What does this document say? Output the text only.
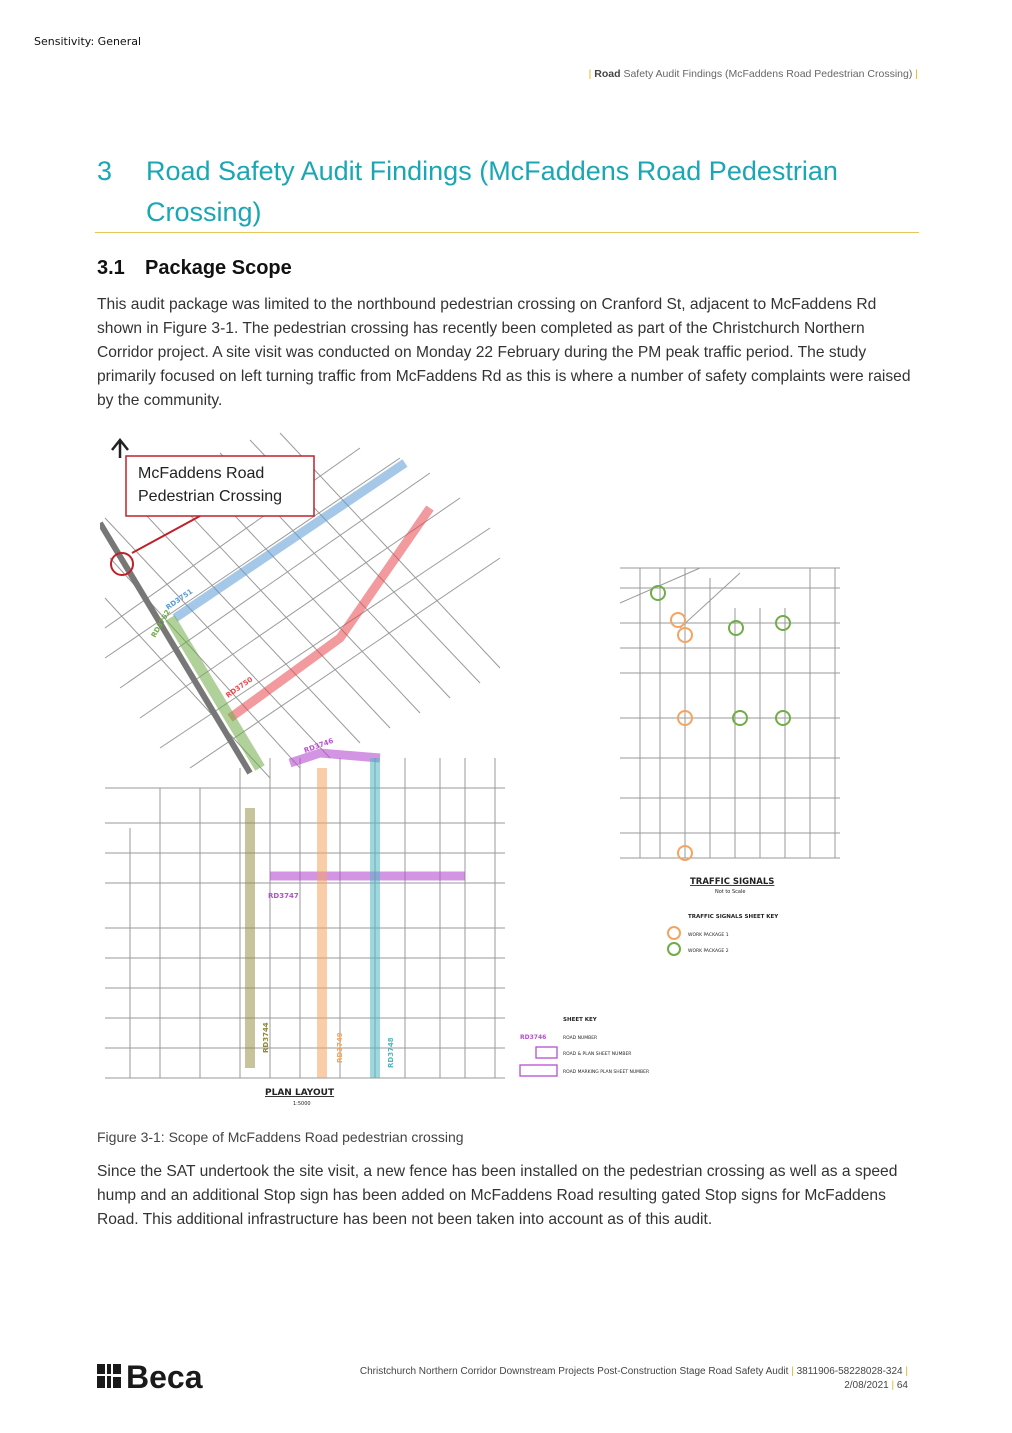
Sensitivity: General
| Road Safety Audit Findings (McFaddens Road Pedestrian Crossing) |
3 Road Safety Audit Findings (McFaddens Road Pedestrian Crossing)
3.1 Package Scope
This audit package was limited to the northbound pedestrian crossing on Cranford St, adjacent to McFaddens Rd shown in Figure 3-1. The pedestrian crossing has recently been completed as part of the Christchurch Northern Corridor project. A site visit was conducted on Monday 22 February during the PM peak traffic period. The study primarily focused on left turning traffic from McFaddens Rd as this is where a number of safety complaints were raised by the community.
RD3751
RD3752
RD3750
RD3746
RD3747
RD3744	RD3749	RD3748
McFaddens Road
Pedestrian Crossing
PLAN LAYOUT
1:5000
TRAFFIC SIGNALS
Not to Scale
TRAFFIC SIGNALS SHEET KEY
WORK PACKAGE 1
WORK PACKAGE 2
SHEET KEY
RD3746	ROAD NUMBER
ROAD & PLAN SHEET NUMBER
ROAD MARKING PLAN SHEET NUMBER
Figure 3-1: Scope of McFaddens Road pedestrian crossing
Since the SAT undertook the site visit, a new fence has been installed on the pedestrian crossing as well as a speed hump and an additional Stop sign has been added on McFaddens Road resulting gated Stop signs for McFaddens Road. This additional infrastructure has been not been taken into account as of this audit.
Beca	Christchurch Northern Corridor Downstream Projects Post-Construction Stage Road Safety Audit | 3811906-58228028-324 |
2/08/2021 | 64
